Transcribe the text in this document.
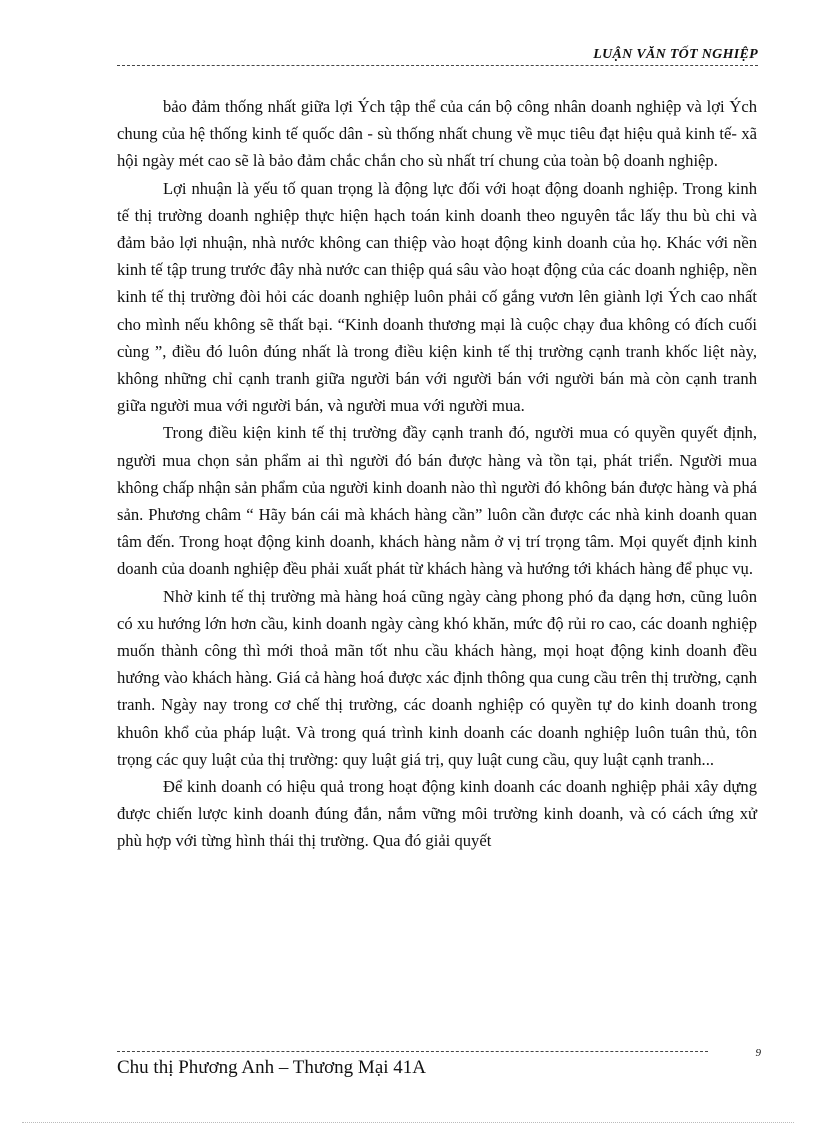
LUẬN VĂN TỐT NGHIỆP

bảo đảm thống nhất giữa lợi Ých tập thể của cán bộ công nhân doanh nghiệp và lợi Ých chung của hệ thống kinh tế quốc dân - sù thống nhất chung về mục tiêu đạt hiệu quả kinh tế- xã hội ngày mét cao sẽ là bảo đảm chắc chắn cho sù nhất trí chung của toàn bộ doanh nghiệp.

Lợi nhuận là yếu tố quan trọng là động lực đối với hoạt động doanh nghiệp. Trong kinh tế thị trường doanh nghiệp thực hiện hạch toán kinh doanh theo nguyên tắc lấy thu bù chi và đảm bảo lợi nhuận, nhà nước không can thiệp vào hoạt động kinh doanh của họ. Khác với nền kinh tế tập trung trước đây nhà nước can thiệp quá sâu vào hoạt động của các doanh nghiệp, nền kinh tế thị trường đòi hỏi các doanh nghiệp luôn phải cố gắng vươn lên giành lợi Ých cao nhất cho mình nếu không sẽ thất bại. “Kinh doanh thương mại là cuộc chạy đua không có đích cuối cùng ”, điều đó luôn đúng nhất là trong điều kiện kinh tế thị trường cạnh tranh khốc liệt này, không những chỉ cạnh tranh giữa người bán với người bán với người bán mà còn cạnh tranh giữa người mua với người bán, và người mua với người mua.

Trong điều kiện kinh tế thị trường đầy cạnh tranh đó, người mua có quyền quyết định, người mua chọn sản phẩm ai thì người đó bán được hàng và tồn tại, phát triển. Người mua không chấp nhận sản phẩm của người kinh doanh nào thì người đó không bán được hàng và phá sản. Phương châm “ Hãy bán cái mà khách hàng cần” luôn cần được các nhà kinh doanh quan tâm đến. Trong hoạt động kinh doanh, khách hàng nằm ở vị trí trọng tâm. Mọi quyết định kinh doanh của doanh nghiệp đều phải xuất phát từ khách hàng và hướng tới khách hàng để phục vụ.

Nhờ kinh tế thị trường mà hàng hoá cũng ngày càng phong phó đa dạng hơn, cũng luôn có xu hướng lớn hơn cầu, kinh doanh ngày càng khó khăn, mức độ rủi ro cao, các doanh nghiệp muốn thành công thì mới thoả mãn tốt nhu cầu khách hàng, mọi hoạt động kinh doanh đều hướng vào khách hàng. Giá cả hàng hoá được xác định thông qua cung cầu trên thị trường, cạnh tranh. Ngày nay trong cơ chế thị trường, các doanh nghiệp có quyền tự do kinh doanh trong khuôn khổ của pháp luật. Và trong quá trình kinh doanh các doanh nghiệp luôn tuân thủ, tôn trọng các quy luật của thị trường: quy luật giá trị, quy luật cung cầu, quy luật cạnh tranh...

Để kinh doanh có hiệu quả trong hoạt động kinh doanh các doanh nghiệp phải xây dựng được chiến lược kinh doanh đúng đắn, nắm vững môi trường kinh doanh, và có cách ứng xử phù hợp với từng hình thái thị trường. Qua đó giải quyết

Chu thị Phương Anh – Thương Mại 41A
9
